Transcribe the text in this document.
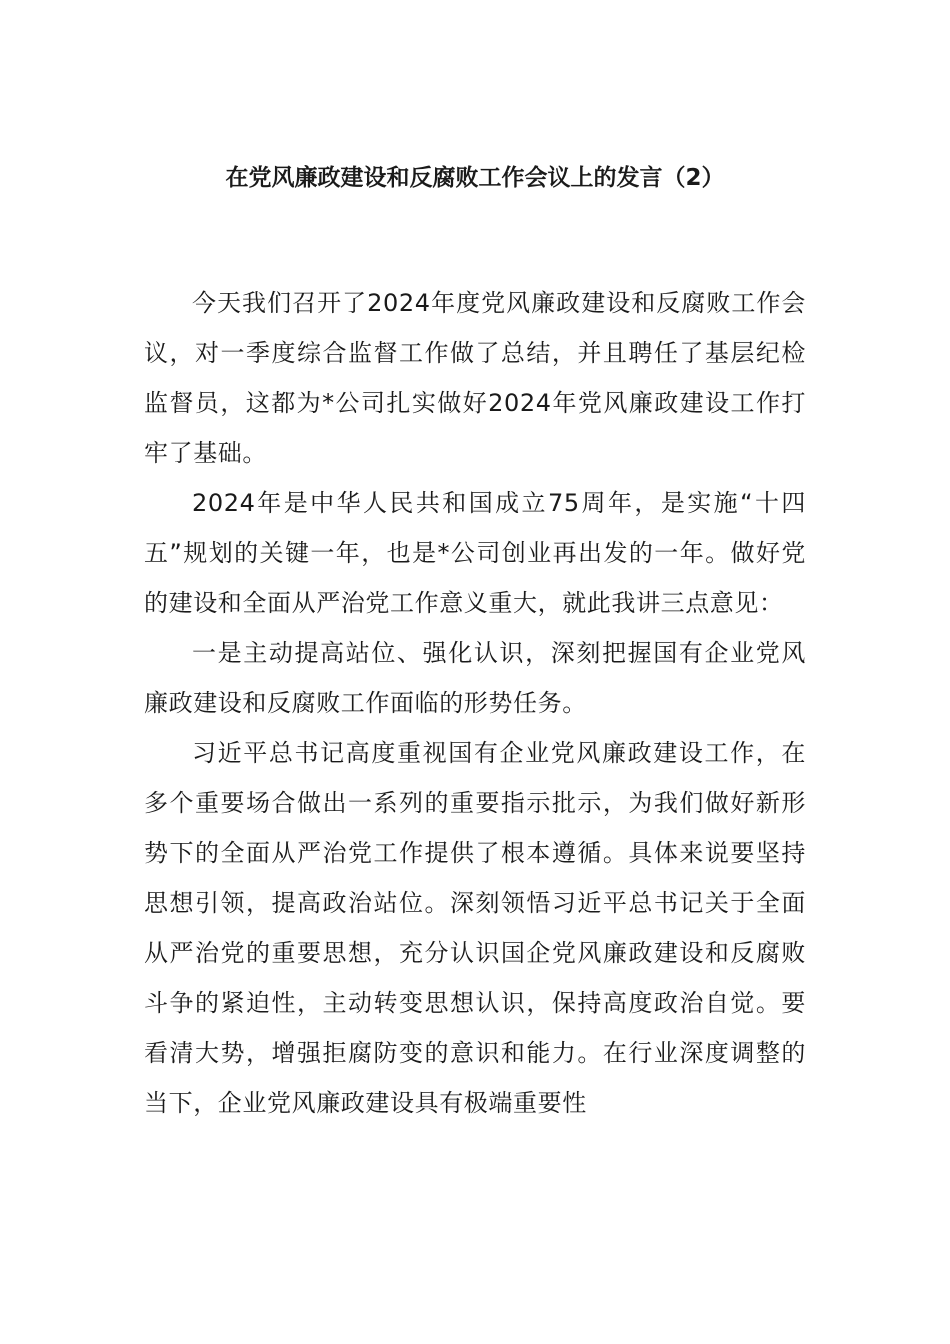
在党风廉政建设和反腐败工作会议上的发言（2）

今天我们召开了2024年度党风廉政建设和反腐败工作会议，对一季度综合监督工作做了总结，并且聘任了基层纪检监督员，这都为*公司扎实做好2024年党风廉政建设工作打牢了基础。

2024年是中华人民共和国成立75周年，是实施“十四五”规划的关键一年，也是*公司创业再出发的一年。做好党的建设和全面从严治党工作意义重大，就此我讲三点意见：

一是主动提高站位、强化认识，深刻把握国有企业党风廉政建设和反腐败工作面临的形势任务。

习近平总书记高度重视国有企业党风廉政建设工作，在多个重要场合做出一系列的重要指示批示，为我们做好新形势下的全面从严治党工作提供了根本遵循。具体来说要坚持思想引领，提高政治站位。深刻领悟习近平总书记关于全面从严治党的重要思想，充分认识国企党风廉政建设和反腐败斗争的紧迫性，主动转变思想认识，保持高度政治自觉。要看清大势，增强拒腐防变的意识和能力。在行业深度调整的当下，企业党风廉政建设具有极端重要性
